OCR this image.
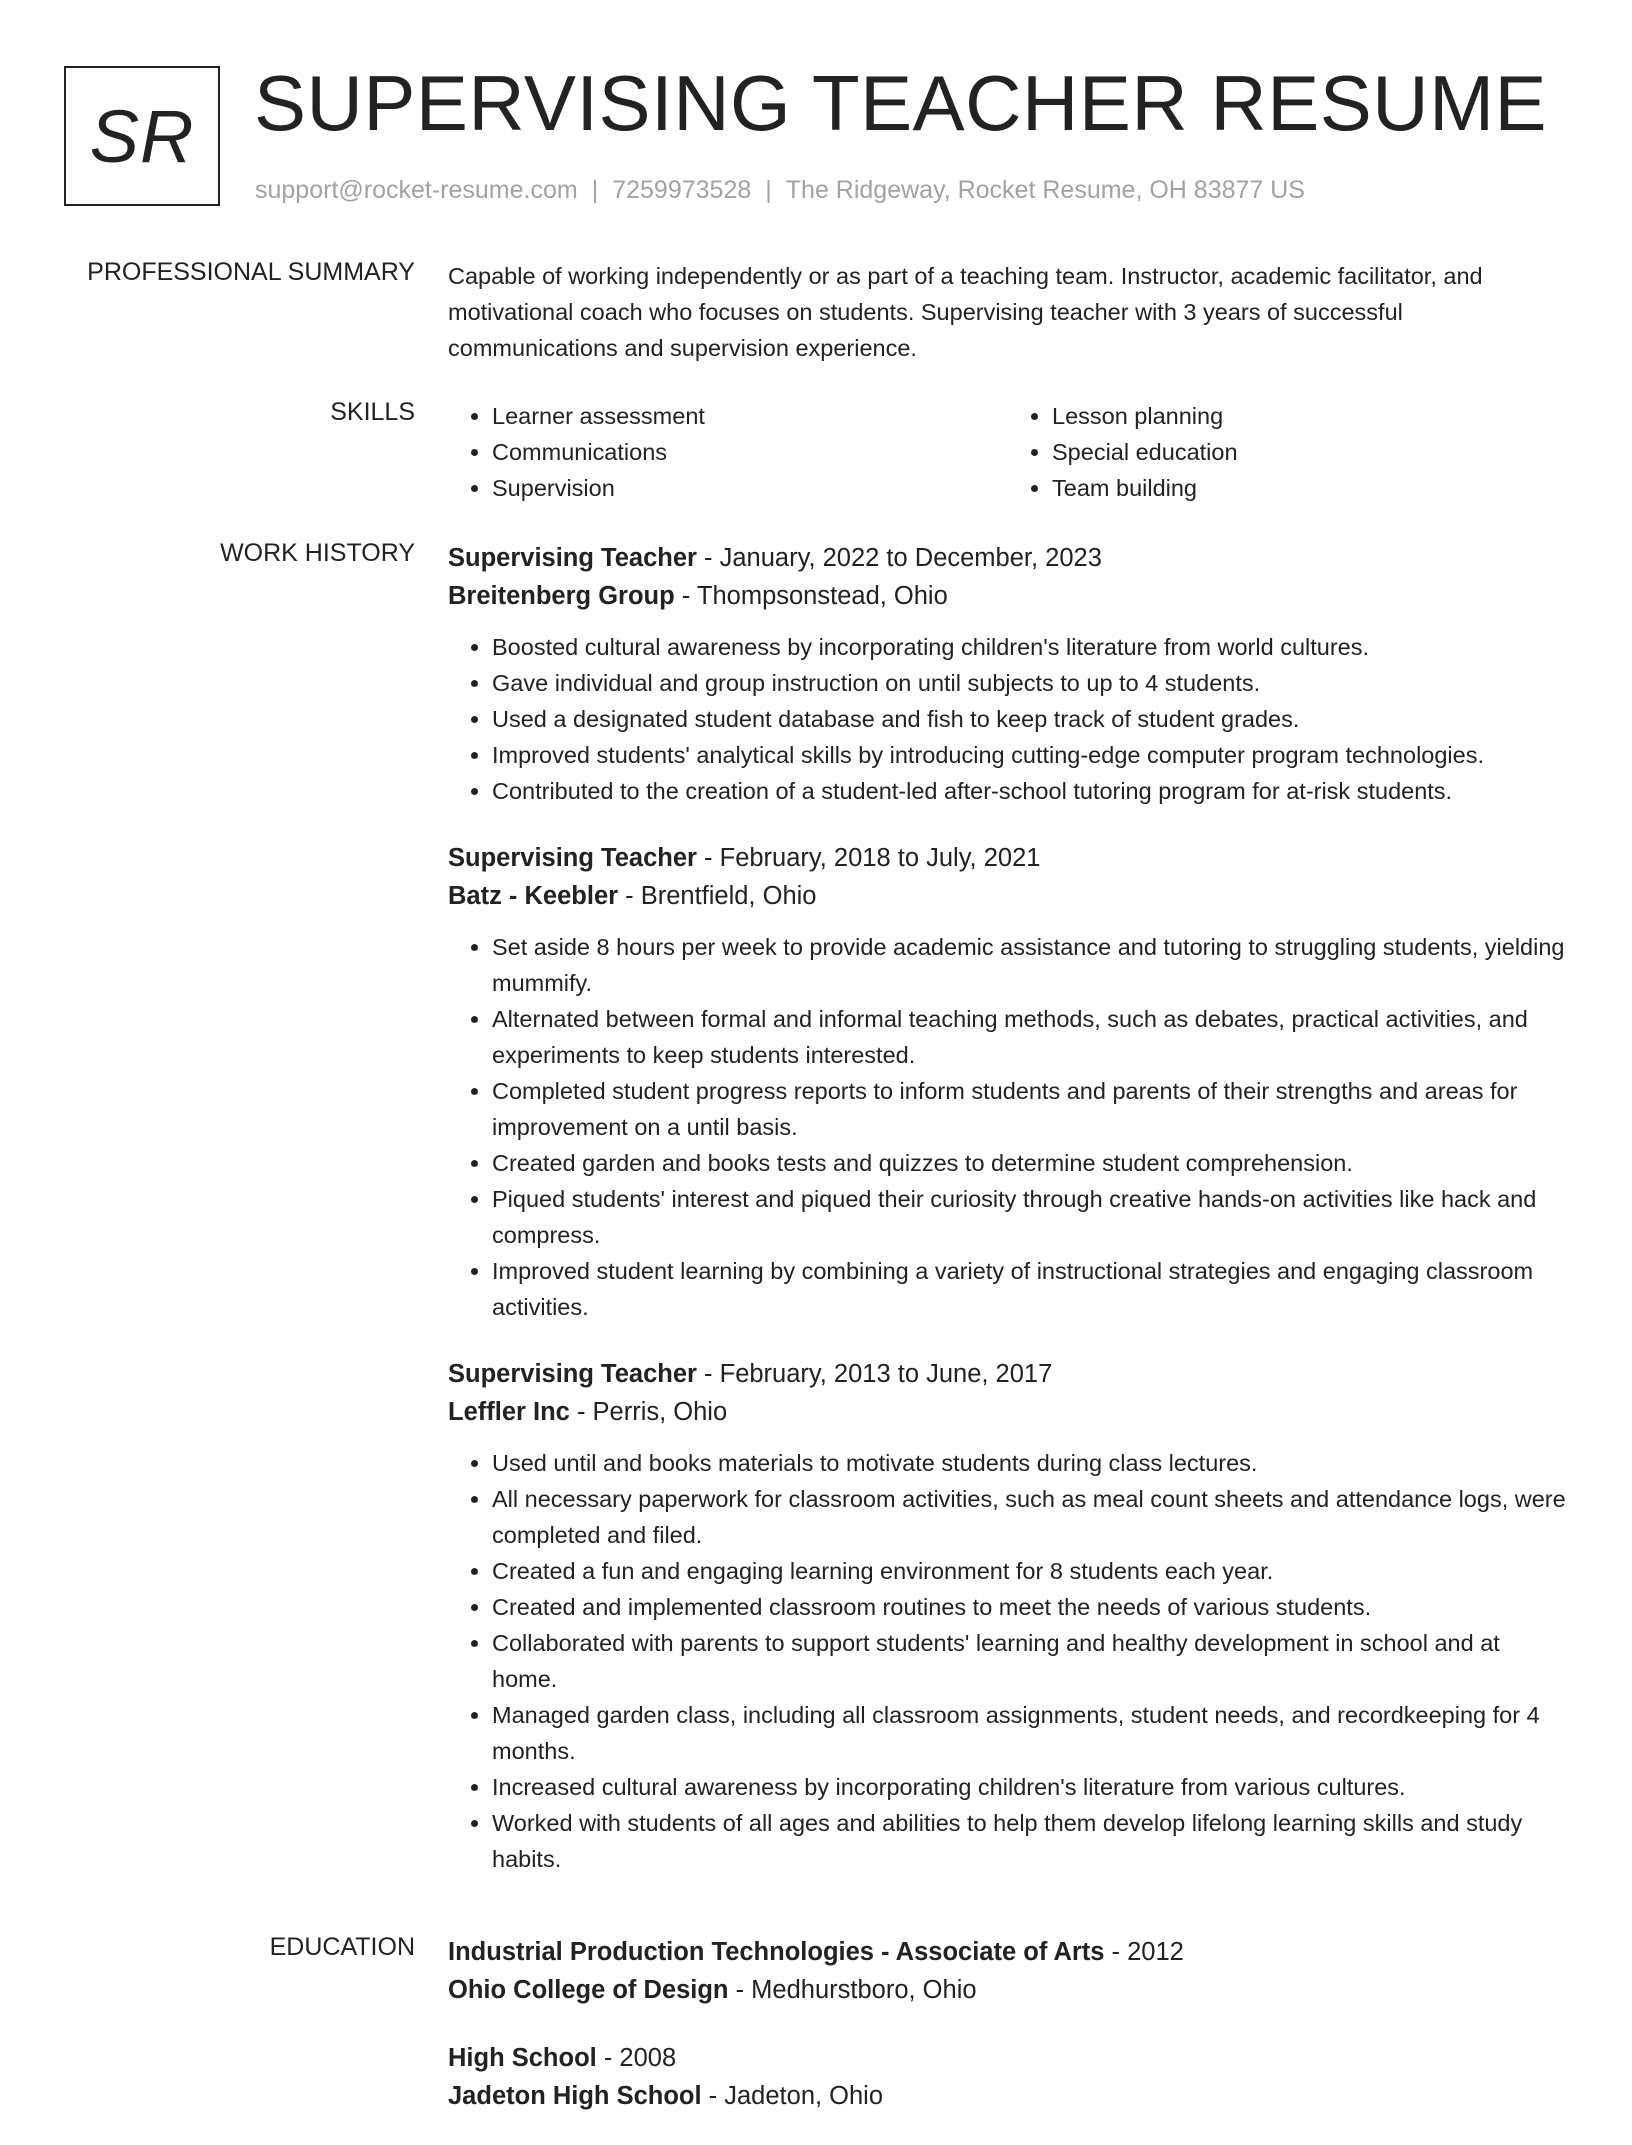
SR SUPERVISING TEACHER RESUME
support@rocket-resume.com | 7259973528 | The Ridgeway, Rocket Resume, OH 83877 US
PROFESSIONAL SUMMARY Capable of working independently or as part of a teaching team. Instructor, academic facilitator, and motivational coach who focuses on students. Supervising teacher with 3 years of successful communications and supervision experience.

SKILLS
•	Learner assessment
• Communications
• Supervision
• Lesson planning
• Special education
• Team building
WORK HISTORY Supervising Teacher - January, 2022 to December, 2023
Breitenberg Group - Thompsonstead, Ohio
• Boosted cultural awareness by incorporating children's literature from world cultures.
• Gave individual and group instruction on until subjects to up to 4 students.
• Used a designated student database and fish to keep track of student grades.
• Improved students' analytical skills by introducing cutting-edge computer program technologies.
• Contributed to the creation of a student-led after-school tutoring program for at-risk students.
Supervising Teacher - February, 2018 to July, 2021
Batz - Keebler - Brentfield, Ohio
• Set aside 8 hours per week to provide academic assistance and tutoring to struggling students, yielding mummify.
• Alternated between formal and informal teaching methods, such as debates, practical activities, and experiments to keep students interested.
• Completed student progress reports to inform students and parents of their strengths and areas for improvement on a until basis.
• Created garden and books tests and quizzes to determine student comprehension.
• Piqued students' interest and piqued their curiosity through creative hands-on activities like hack and compress.
• Improved student learning by combining a variety of instructional strategies and engaging classroom activities.
Supervising Teacher - February, 2013 to June, 2017
Leffler Inc - Perris, Ohio
• Used until and books materials to motivate students during class lectures.
• All necessary paperwork for classroom activities, such as meal count sheets and attendance logs, were completed and filed.
• Created a fun and engaging learning environment for 8 students each year.
• Created and implemented classroom routines to meet the needs of various students.
• Collaborated with parents to support students' learning and healthy development in school and at home.
• Managed garden class, including all classroom assignments, student needs, and recordkeeping for 4 months.
• Increased cultural awareness by incorporating children's literature from various cultures.
• Worked with students of all ages and abilities to help them develop lifelong learning skills and study habits.
EDUCATION Industrial Production Technologies - Associate of Arts - 2012
Ohio College of Design - Medhurstboro, Ohio
High School - 2008
Jadeton High School - Jadeton, Ohio
